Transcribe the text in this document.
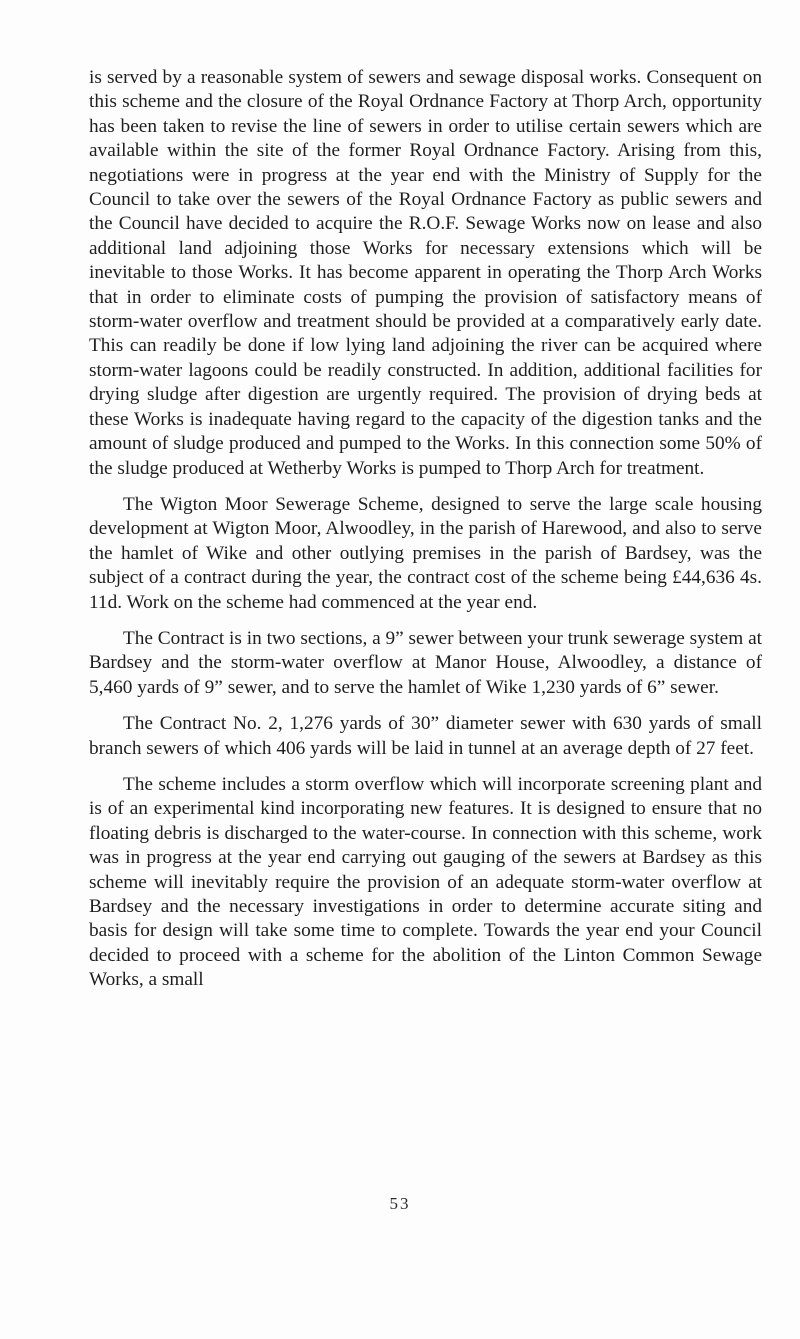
is served by a reasonable system of sewers and sewage disposal works. Consequent on this scheme and the closure of the Royal Ordnance Factory at Thorp Arch, opportunity has been taken to revise the line of sewers in order to utilise certain sewers which are available within the site of the former Royal Ordnance Factory. Arising from this, negotiations were in progress at the year end with the Ministry of Supply for the Council to take over the sewers of the Royal Ordnance Factory as public sewers and the Council have decided to acquire the R.O.F. Sewage Works now on lease and also additional land adjoining those Works for necessary extensions which will be inevitable to those Works. It has become apparent in operating the Thorp Arch Works that in order to eliminate costs of pumping the provision of satisfactory means of storm-water overflow and treatment should be provided at a comparatively early date. This can readily be done if low lying land adjoining the river can be acquired where storm-water lagoons could be readily constructed. In addition, additional facilities for drying sludge after digestion are urgently required. The provision of drying beds at these Works is inadequate having regard to the capacity of the digestion tanks and the amount of sludge produced and pumped to the Works. In this connection some 50% of the sludge produced at Wetherby Works is pumped to Thorp Arch for treatment.

The Wigton Moor Sewerage Scheme, designed to serve the large scale housing development at Wigton Moor, Alwoodley, in the parish of Harewood, and also to serve the hamlet of Wike and other outlying premises in the parish of Bardsey, was the subject of a contract during the year, the contract cost of the scheme being £44,636 4s. 11d. Work on the scheme had commenced at the year end.

The Contract is in two sections, a 9” sewer between your trunk sewerage system at Bardsey and the storm-water overflow at Manor House, Alwoodley, a distance of 5,460 yards of 9” sewer, and to serve the hamlet of Wike 1,230 yards of 6” sewer.

The Contract No. 2, 1,276 yards of 30” diameter sewer with 630 yards of small branch sewers of which 406 yards will be laid in tunnel at an average depth of 27 feet.

The scheme includes a storm overflow which will incorporate screening plant and is of an experimental kind incorporating new features. It is designed to ensure that no floating debris is discharged to the water-course. In connection with this scheme, work was in progress at the year end carrying out gauging of the sewers at Bardsey as this scheme will inevitably require the provision of an adequate storm-water overflow at Bardsey and the necessary investigations in order to determine accurate siting and basis for design will take some time to complete. Towards the year end your Council decided to proceed with a scheme for the abolition of the Linton Common Sewage Works, a small

53
